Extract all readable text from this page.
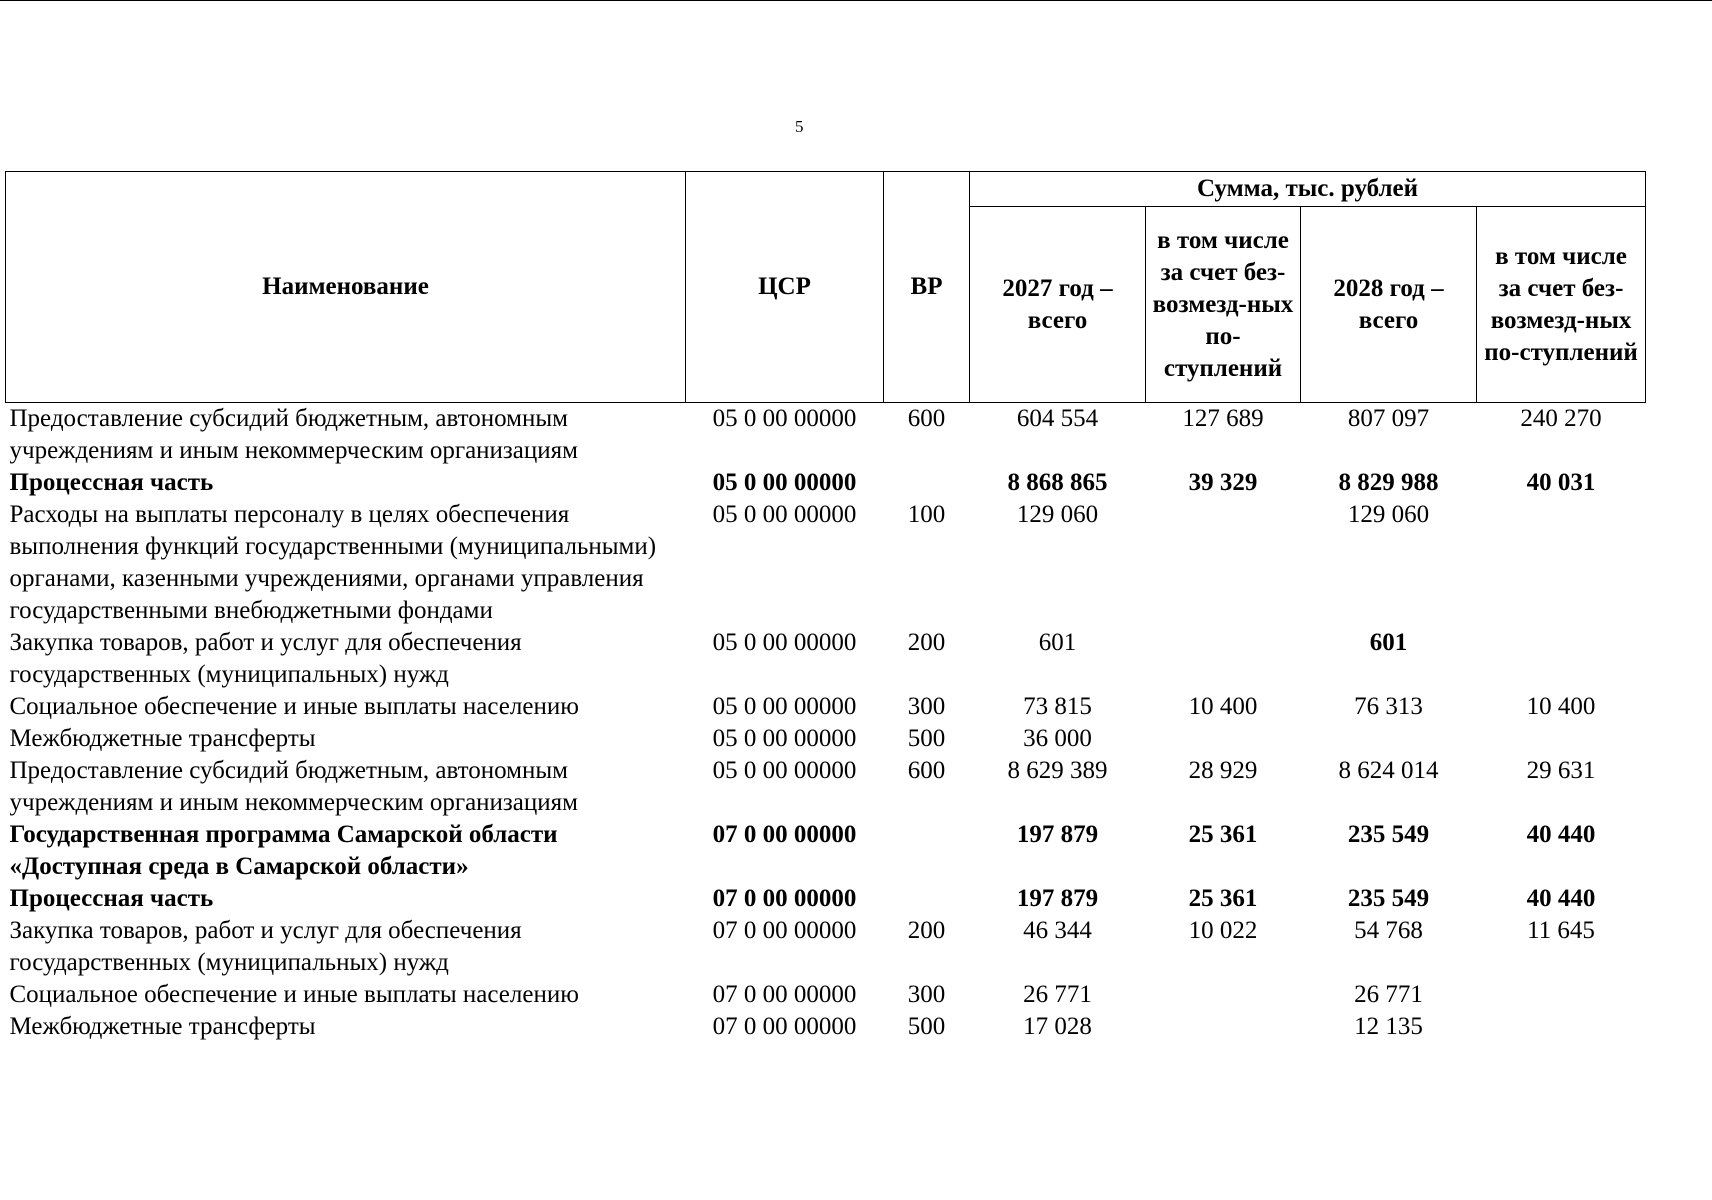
5
Наименование	ЦСР	ВР	Сумма, тыс. рублей			
			2027 год – всего	в том числе за счет без-возмезд-ных по-ступлений	2028 год – всего	в том числе за счет без-возмезд-ных по-ступлений
Предоставление субсидий бюджетным, автономным учреждениям и иным некоммерческим организациям	05 0 00 00000	600	604 554	127 689	807 097	240 270
Процессная часть	05 0 00 00000		8 868 865	39 329	8 829 988	40 031
Расходы на выплаты персоналу в целях обеспечения выполнения функций государственными (муниципальными) органами, казенными учреждениями, органами управления государственными внебюджетными фондами	05 0 00 00000	100	129 060		129 060	
Закупка товаров, работ и услуг для обеспечения государственных (муниципальных) нужд	05 0 00 00000	200	601		601	
Социальное обеспечение и иные выплаты населению	05 0 00 00000	300	73 815	10 400	76 313	10 400
Межбюджетные трансферты	05 0 00 00000	500	36 000			
Предоставление субсидий бюджетным, автономным учреждениям и иным некоммерческим организациям	05 0 00 00000	600	8 629 389	28 929	8 624 014	29 631
Государственная программа Самарской области «Доступная среда в Самарской области»	07 0 00 00000		197 879	25 361	235 549	40 440
Процессная часть	07 0 00 00000		197 879	25 361	235 549	40 440
Закупка товаров, работ и услуг для обеспечения государственных (муниципальных) нужд	07 0 00 00000	200	46 344	10 022	54 768	11 645
Социальное обеспечение и иные выплаты населению	07 0 00 00000	300	26 771		26 771	
Межбюджетные трансферты	07 0 00 00000	500	17 028		12 135	
